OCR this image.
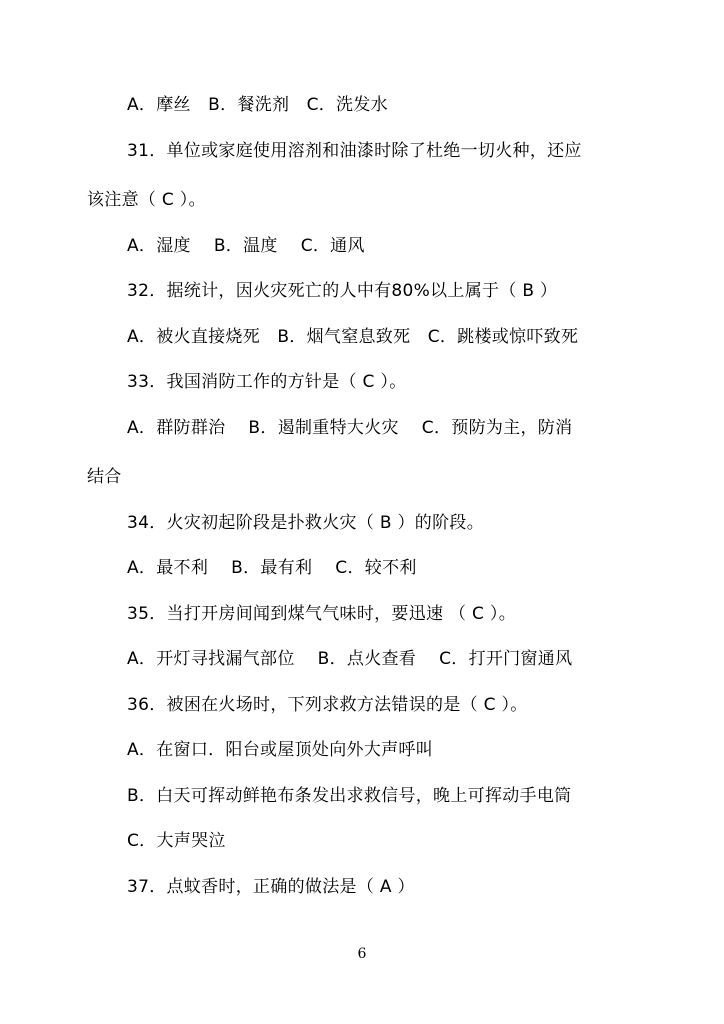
A．摩丝　B．餐洗剂　C．洗发水
31．单位或家庭使用溶剂和油漆时除了杜绝一切火种，还应
该注意（ C ）。
A．湿度　 B．温度　 C．通风
32．据统计，因火灾死亡的人中有80%以上属于（ B ）
A．被火直接烧死　B．烟气窒息致死　C．跳楼或惊吓致死
33．我国消防工作的方针是（ C ）。
A．群防群治　 B．遏制重特大火灾　 C．预防为主，防消
结合
34．火灾初起阶段是扑救火灾（ B ）的阶段。
A．最不利　 B．最有利　 C．较不利
35．当打开房间闻到煤气气味时，要迅速 （ C ）。
A．开灯寻找漏气部位　 B．点火查看　 C．打开门窗通风
36．被困在火场时，下列求救方法错误的是（ C ）。
A．在窗口．阳台或屋顶处向外大声呼叫
B．白天可挥动鲜艳布条发出求救信号，晚上可挥动手电筒
C．大声哭泣
37．点蚊香时，正确的做法是（ A ）
6
